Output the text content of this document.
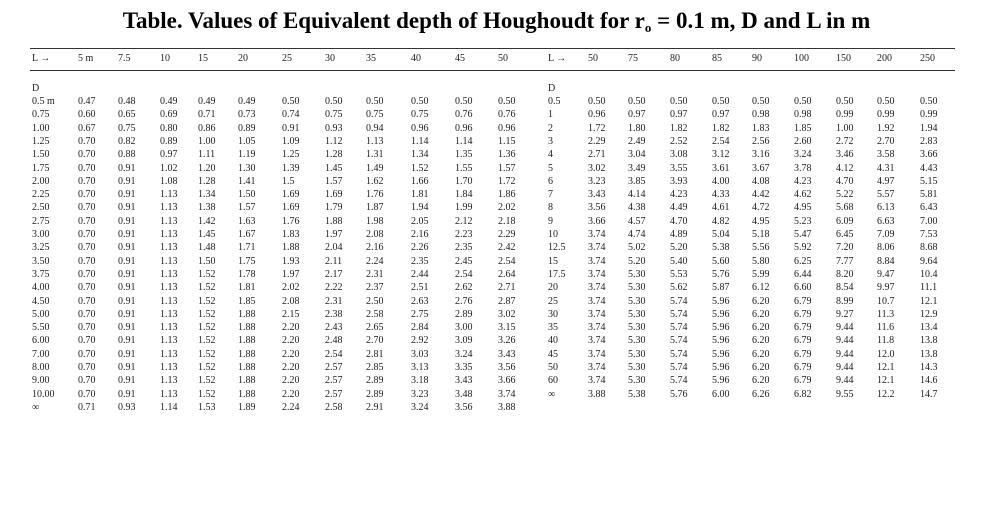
Table. Values of Equivalent depth of Houghoudt for $r_o = 0.1$ m, D and L in m
L →	5 m 7.5	10	15	20	25	30	35	40	45	50
D
0.5 m 0.47 0.48 0.49 0.49 0.49	0.50	0.50 0.50	0.50	0.50	0.50
0.75	0.60 0.65 0.69 0.71 0.73	0.74	0.75 0.75	0.75	0.76	0.76
1.00	0.67 0.75 0.80 0.86 0.89	0.91	0.93 0.94	0.96	0.96	0.96
1.25	0.70 0.82 0.89 1.00 1.05	1.09	1.12 1.13	1.14	1.14	1.15
1.50	0.70 0.88 0.97 1.11 1.19	1.25	1.28 1.31	1.34	1.35	1.36
1.75	0.70 0.91 1.02 1.20 1.30	1.39	1.45 1.49	1.52	1.55	1.57
2.00	0.70 0.91 1.08 1.28 1.41	1.5	1.57 1.62	1.66	1.70	1.72
2.25	0.70 0.91 1.13 1.34 1.50	1.69	1.69 1.76	1.81	1.84	1.86
2.50	0.70 0.91 1.13 1.38 1.57	1.69	1.79 1.87	1.94	1.99	2.02
2.75	0.70 0.91 1.13 1.42 1.63	1.76	1.88 1.98	2.05	2.12	2.18
3.00	0.70 0.91 1.13 1.45 1.67	1.83	1.97 2.08	2.16	2.23	2.29
3.25	0.70 0.91 1.13 1.48 1.71	1.88	2.04 2.16	2.26	2.35	2.42
3.50	0.70 0.91 1.13 1.50 1.75	1.93	2.11 2.24	2.35	2.45	2.54
3.75	0.70 0.91 1.13 1.52 1.78	1.97	2.17 2.31	2.44	2.54	2.64
4.00	0.70 0.91 1.13 1.52 1.81	2.02	2.22 2.37	2.51	2.62	2.71
4.50	0.70 0.91 1.13 1.52 1.85	2.08	2.31 2.50	2.63	2.76	2.87
5.00	0.70 0.91 1.13 1.52 1.88	2.15	2.38 2.58	2.75	2.89	3.02
5.50	0.70 0.91 1.13 1.52 1.88	2.20	2.43 2.65	2.84	3.00	3.15
6.00	0.70 0.91 1.13 1.52 1.88	2.20	2.48 2.70	2.92	3.09	3.26
7.00	0.70 0.91 1.13 1.52 1.88	2.20	2.54 2.81	3.03	3.24	3.43
8.00	0.70 0.91 1.13 1.52 1.88	2.20	2.57 2.85	3.13	3.35	3.56
9.00	0.70 0.91 1.13 1.52 1.88	2.20	2.57 2.89	3.18	3.43	3.66
10.00 0.70 0.91 1.13 1.52 1.88	2.20	2.57 2.89	3.23	3.48	3.74
∞	0.71 0.93 1.14 1.53 1.89	2.24	2.58 2.91	3.24	3.56	3.88
L → 50	75	80	85	90	100	150	200	250
D
0.5	0.50 0.50 0.50 0.50 0.50 0.50 0.50 0.50	0.50
1	0.96 0.97 0.97 0.97 0.98 0.98 0.99 0.99	0.99
2	1.72 1.80 1.82 1.82 1.83 1.85 1.00 1.92	1.94
3	2.29 2.49 2.52 2.54 2.56 2.60 2.72 2.70	2.83
4	2.71 3.04 3.08 3.12 3.16 3.24 3.46 3.58	3.66
5	3.02 3.49 3.55 3.61 3.67 3.78 4.12 4.31	4.43
6	3.23 3.85 3.93 4.00 4.08 4.23 4.70 4.97	5.15
7	3.43 4.14 4.23 4.33 4.42 4.62 5.22 5.57	5.81
8	3.56 4.38 4.49 4.61 4.72 4.95 5.68 6.13	6.43
9	3.66 4.57 4.70 4.82 4.95 5.23 6.09 6.63	7.00
10	3.74 4.74 4.89 5.04 5.18 5.47 6.45 7.09	7.53
12.5 3.74 5.02 5.20 5.38 5.56 5.92 7.20 8.06	8.68
15	3.74 5.20 5.40 5.60 5.80 6.25 7.77 8.84	9.64
17.5 3.74 5.30 5.53 5.76 5.99 6.44 8.20 9.47	10.4
20	3.74 5.30 5.62 5.87 6.12 6.60 8.54 9.97	11.1
25	3.74 5.30 5.74 5.96 6.20 6.79 8.99 10.7	12.1
30	3.74 5.30 5.74 5.96 6.20 6.79 9.27 11.3	12.9
35	3.74 5.30 5.74 5.96 6.20 6.79 9.44 11.6	13.4
40	3.74 5.30 5.74 5.96 6.20 6.79 9.44 11.8	13.8
45	3.74 5.30 5.74 5.96 6.20 6.79 9.44 12.0	13.8
50	3.74 5.30 5.74 5.96 6.20 6.79 9.44 12.1	14.3
60	3.74 5.30 5.74 5.96 6.20 6.79 9.44 12.1	14.6
∞	3.88 5.38 5.76 6.00 6.26 6.82 9.55 12.2	14.7
